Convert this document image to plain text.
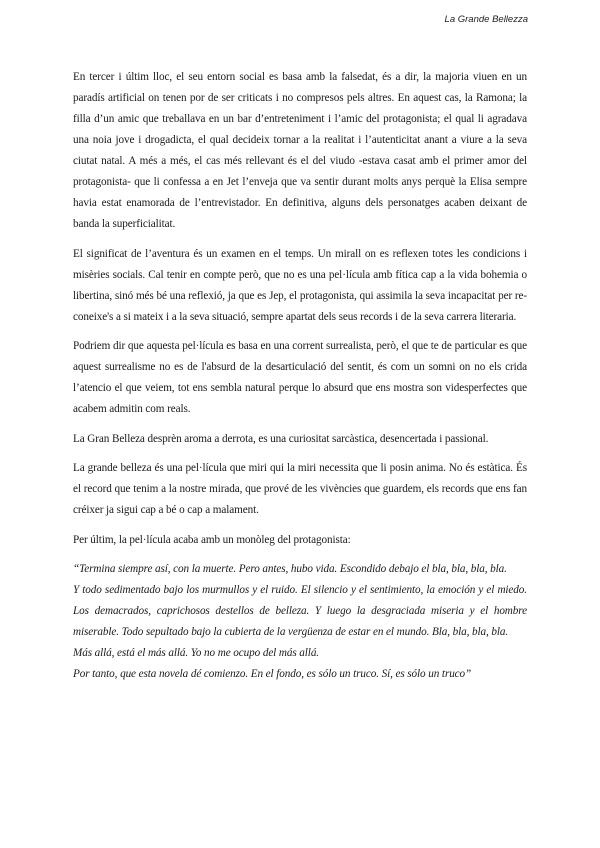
La Grande Bellezza

En tercer i últim lloc, el seu entorn social es basa amb la falsedat, és a dir, la majoria viuen en un paradís artificial on tenen por de ser criticats i no compresos pels altres. En aquest cas, la Ramona; la filla d’un amic que treballava en un bar d’entreteniment i l’amic del protagonista; el qual li agradava una noia jove i drogadicta, el qual decideix tornar a la realitat i l’autenticitat anant a viure a la seva ciutat natal. A més a més, el cas més rellevant és el del viudo -estava casat amb el primer amor del protagonista- que li confessa a en Jet l’enveja que va sentir durant molts anys perquè la Elisa sempre havia estat enamorada de l’entrevistador. En definitiva, alguns dels personatges acaben deixant de banda la superficialitat.

El significat de l’aventura és un examen en el temps. Un mirall on es reflexen totes les condicions i misèries socials. Cal tenir en compte però, que no es una pel·lícula amb fítica cap a la vida bohemia o libertina, sinó més bé una reflexió, ja que es Jep, el protagonista, qui assimila la seva incapacitat per re-coneixe's a si mateix i a la seva situació, sempre apartat dels seus records i de la seva carrera literaria.

Podriem dir que aquesta pel·lícula es basa en una corrent surrealista, però, el que te de particular es que aquest surrealisme no es de l'absurd de la desarticulació del sentit, és com un somni on no els crida l’atencio el que veiem, tot ens sembla natural perque lo absurd que ens mostra son videsperfectes que acabem admitin com reals.

La Gran Belleza desprèn aroma a derrota, es una curiositat sarcàstica, desencertada i passional.

La grande belleza és una pel·lícula que miri qui la miri necessita que li posin anima. No és estàtica. És el record que tenim a la nostre mirada, que prové de les vivències que guardem, els records que ens fan créixer ja sigui cap a bé o cap a malament.

Per últim, la pel·lícula acaba amb un monòleg del protagonista:

“Termina siempre así, con la muerte. Pero antes, hubo vida. Escondido debajo el bla, bla, bla, bla.
Y todo sedimentado bajo los murmullos y el ruido. El silencio y el sentimiento, la emoción y el miedo. Los demacrados, caprichosos destellos de belleza. Y luego la desgraciada miseria y el hombre miserable. Todo sepultado bajo la cubierta de la vergüenza de estar en el mundo. Bla, bla, bla, bla.
Más allá, está el más allá. Yo no me ocupo del más allá.
Por tanto, que esta novela dé comienzo. En el fondo, es sólo un truco. Sí, es sólo un truco”
